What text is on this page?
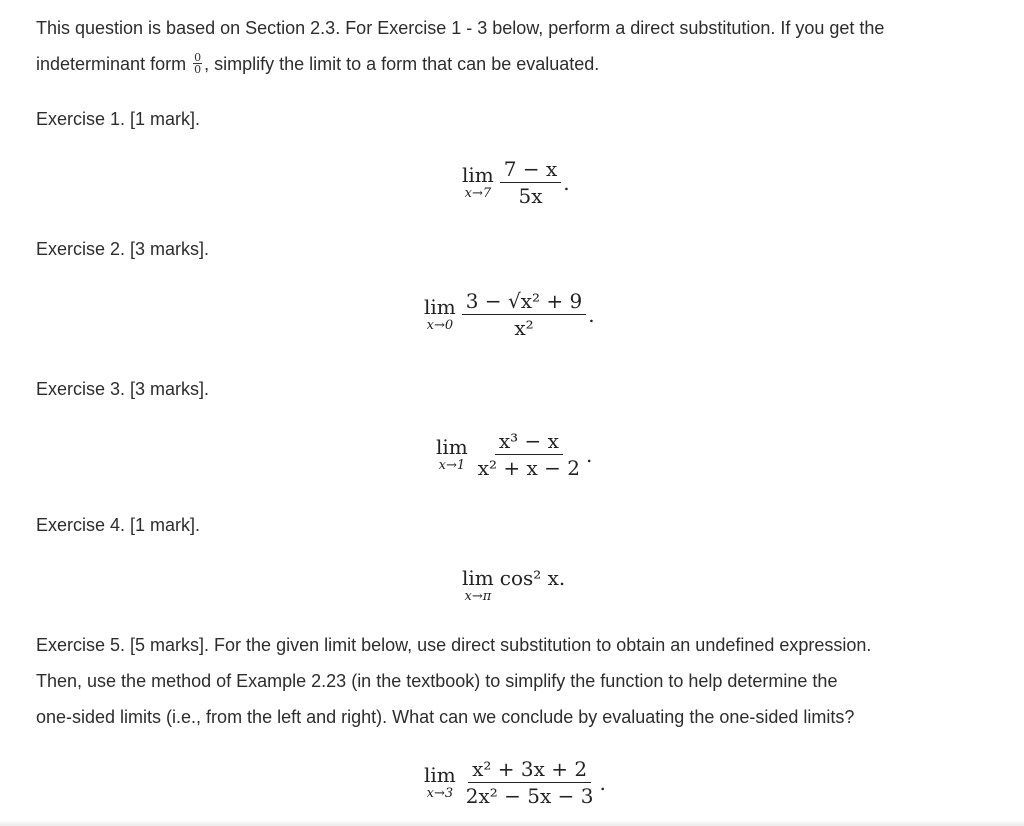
This question is based on Section 2.3. For Exercise 1 - 3 below, perform a direct substitution. If you get the

indeterminant form $\frac{0}{0}$ , simplify the limit to a form that can be evaluated.

Exercise 1. [1 mark].

lim
$x\to 7 \frac{7 - x}{5x}$ .

Exercise 2. [3 marks].

lim
$x\to 0 \frac{\text{3 − √x² + 9}}{\text{x²}}$ .

Exercise 3. [3 marks].

lim
$x\to 1 \frac{\text{x³ − x}}{\text{x² + x − 2}}$ .

Exercise 4. [1 mark].

lim
x→π
cos² x.

Exercise 5. [5 marks]. For the given limit below, use direct substitution to obtain an undefined expression.

Then, use the method of Example 2.23 (in the textbook) to simplify the function to help determine the

one-sided limits (i.e., from the left and right). What can we conclude by evaluating the one-sided limits?

lim
$x\to 3 \frac{\text{x² + 3x + 2}}{\text{2x² − 5x − 3}}$ .
